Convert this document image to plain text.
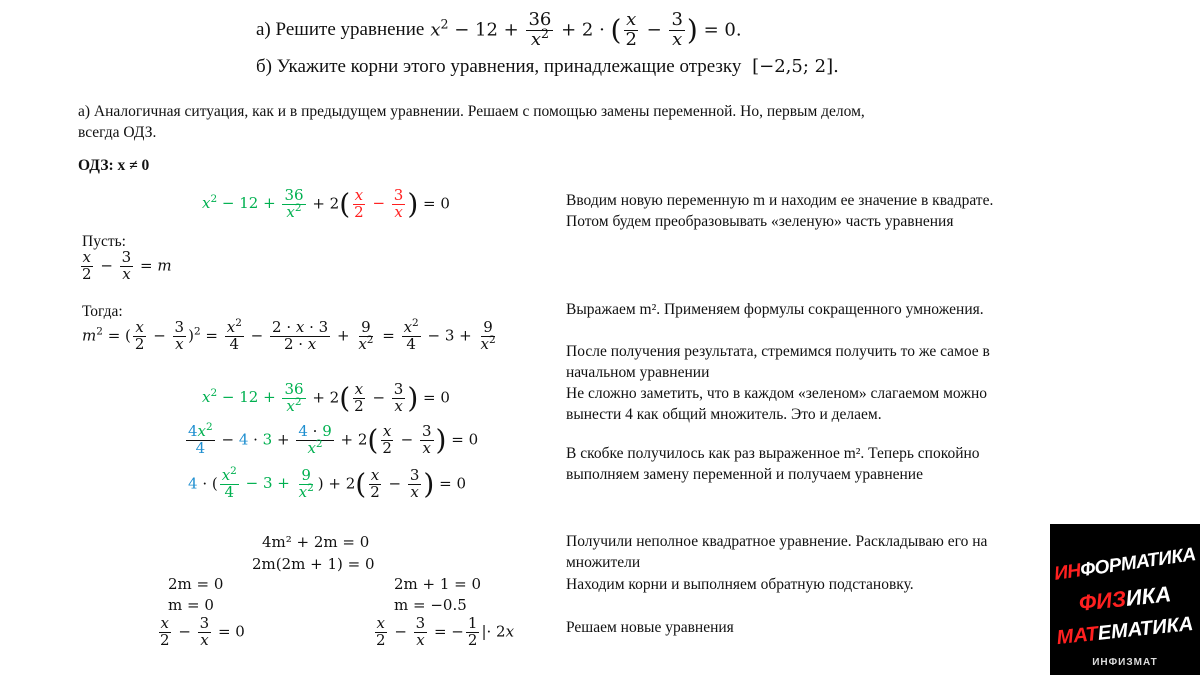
а) Решите уравнение $x^2 - 12 + \frac{36}{x^2} + 2$ · ( $\frac{x}{2} - \frac{3}{x}$ ) = 0.
б) Укажите корни этого уравнения, принадлежащие отрезку [−2,5; 2].
а) Аналогичная ситуация, как и в предыдущем уравнении. Решаем с помощью замены переменной. Но, первым делом,
всегда ОДЗ.
ОДЗ: x ≠ 0
$x^2 - 12 + \frac{36}{x^2} + 2( \frac{x}{2} - \frac{3}{x}$ ) = 0
Пусть:
$\frac{x}{2} - \frac{3}{x} = m$
Тогда:
$m^2$ = ( $\frac{x}{2} - \frac{3}{x} )^2 = \frac{x^2}{4} - \frac{2 \cdot x \cdot 3}{2 \cdot x} + \frac{9}{x^2} = \frac{x^2}{4} - 3 + \frac{9}{x^2}$
$x^2 - 12 + \frac{36}{x^2} + 2( \frac{x}{2} - \frac{3}{x}$ ) = 0
$\frac{4x^2}{4} - 4 \cdot 3 + \frac{4 \cdot 9}{x^2} + 2( \frac{x}{2} - \frac{3}{x}$ ) = 0
4 · ( $\frac{x^2}{4} - 3 + \frac{9}{x^2}$ ) + $2( \frac{x}{2} - \frac{3}{x}$ ) = 0
4m² + 2m = 0
2m(2m + 1) = 0
2m = 0
m = 0
2m + 1 = 0
m = −0.5
$\frac{x}{2} - \frac{3}{x} = 0$	$\frac{x}{2} - \frac{3}{x}$ = − $\frac{1}{2}$ |· 2x
Вводим новую переменную m и находим ее значение в квадрате. Потом будем преобразовывать «зеленую» часть уравнения
Выражаем m². Применяем формулы сокращенного умножения.
После получения результата, стремимся получить то же самое в начальном уравнении
Не сложно заметить, что в каждом «зеленом» слагаемом можно вынести 4 как общий множитель. Это и делаем.
В скобке получилось как раз выраженное m². Теперь спокойно выполняем замену переменной и получаем уравнение
Получили неполное квадратное уравнение. Раскладываю его на множители
Находим корни и выполняем обратную подстановку.
Решаем новые уравнения
ИНФОРМАТИКА
ФИЗИКА
МАТЕМАТИКА
ИНФИЗМАТ
